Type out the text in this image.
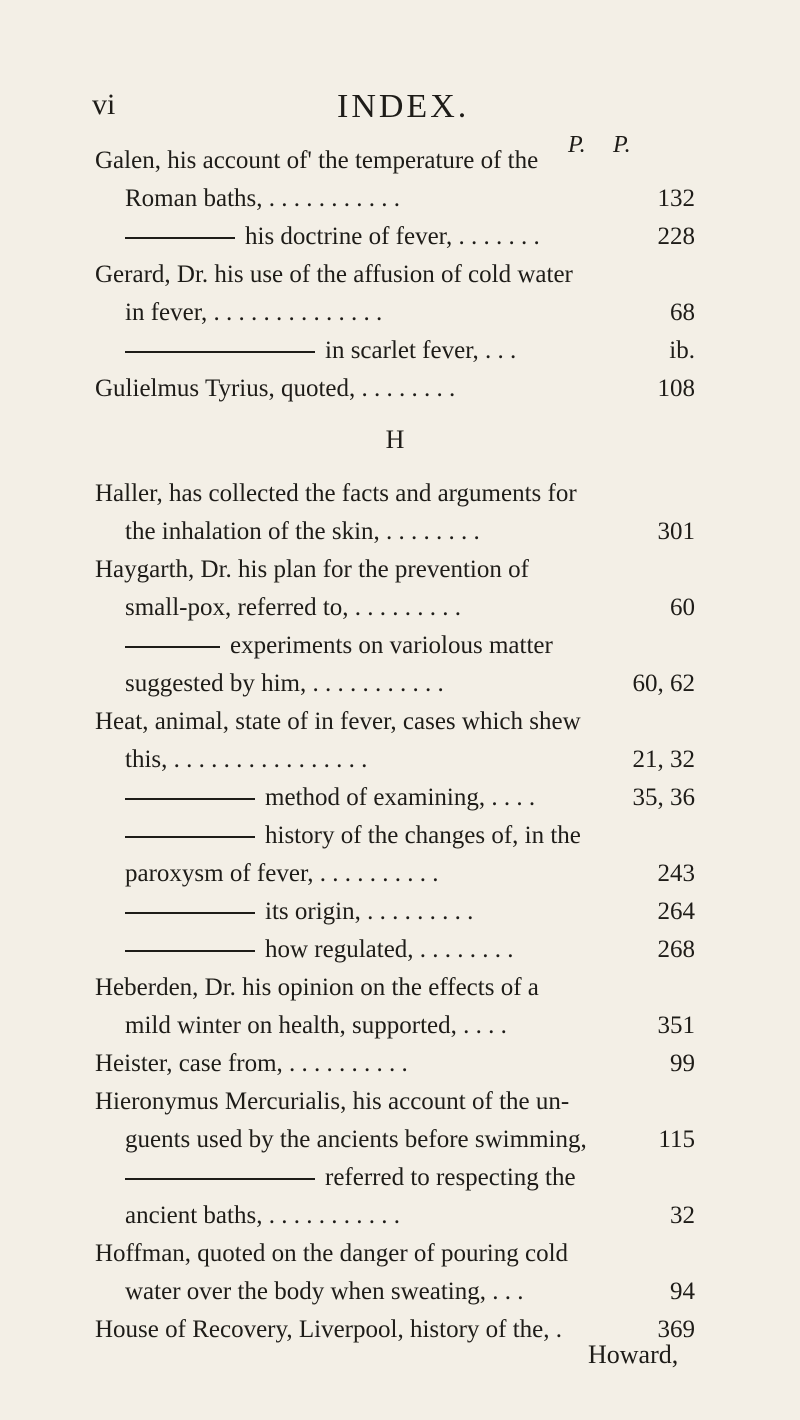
vi	INDEX.
P. P.
Galen, his account of' the temperature of the
Roman baths, . . . . . . . . . . .	132
his doctrine of fever, . . . . . . .	228
Gerard, Dr. his use of the affusion of cold water
in fever, . . . . . . . . . . . . . .	68
in scarlet fever, . . .	ib.
Gulielmus Tyrius, quoted, . . . . . . . .	108
H
Haller, has collected the facts and arguments for
the inhalation of the skin, . . . . . . . .	301
Haygarth, Dr. his plan for the prevention of
small-pox, referred to, . . . . . . . . .	60
experiments on variolous matter
suggested by him, . . . . . . . . . . .	60, 62
Heat, animal, state of in fever, cases which shew
this, . . . . . . . . . . . . . . . .	21, 32
method of examining, . . . .	35, 36
history of the changes of, in the
paroxysm of fever, . . . . . . . . . .	243
its origin, . . . . . . . . .	264
how regulated, . . . . . . . .	268
Heberden, Dr. his opinion on the effects of a
mild winter on health, supported, . . . .	351
Heister, case from, . . . . . . . . . .	99
Hieronymus Mercurialis, his account of the un-
guents used by the ancients before swimming,	115
referred to respecting the
ancient baths, . . . . . . . . . . .	32
Hoffman, quoted on the danger of pouring cold
water over the body when sweating, . . .	94
House of Recovery, Liverpool, history of the, .	369
Howard,
